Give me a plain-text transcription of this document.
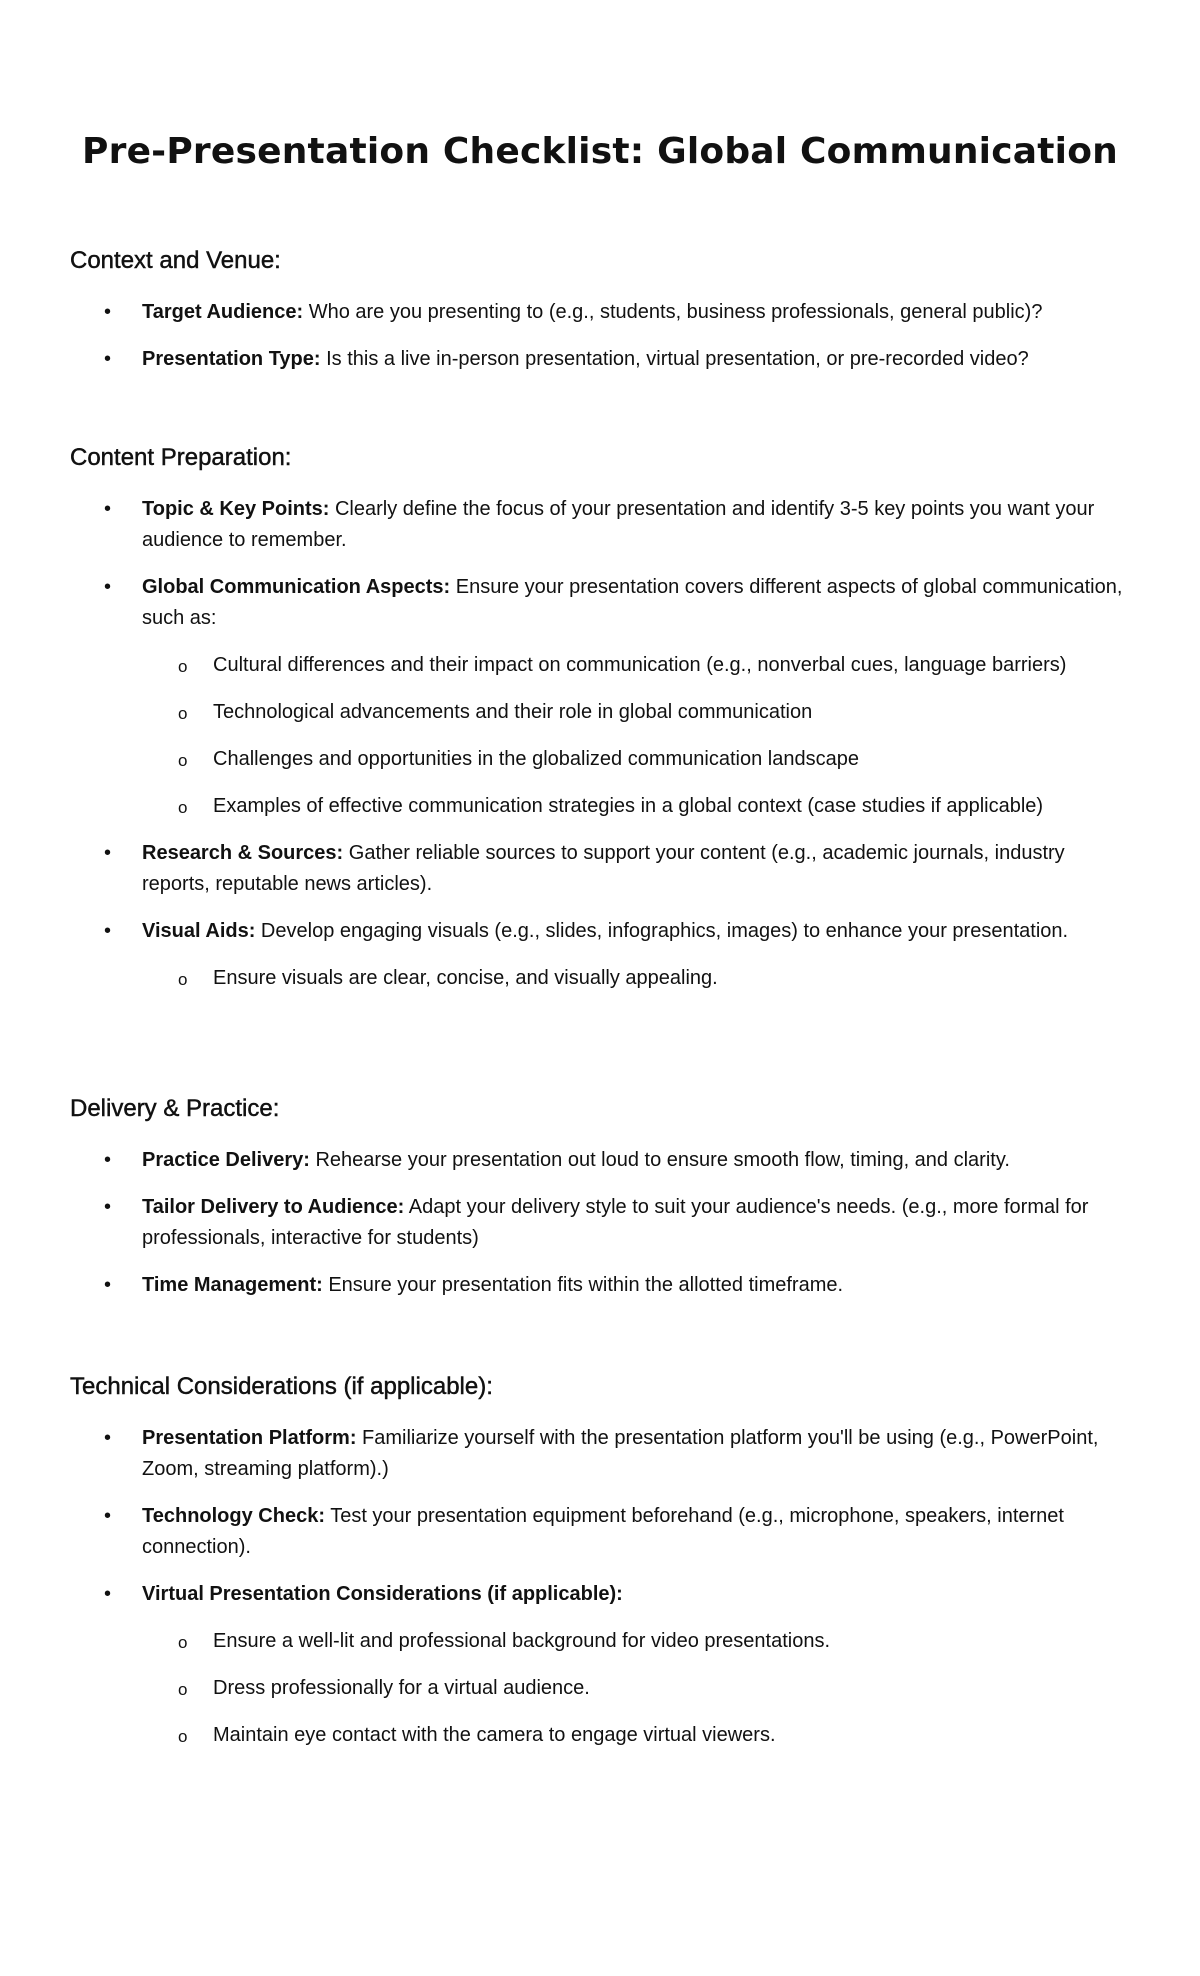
Pre-Presentation Checklist: Global Communication
Context and Venue:
• Target Audience: Who are you presenting to (e.g., students, business professionals, general public)?
• Presentation Type: Is this a live in-person presentation, virtual presentation, or pre-recorded video?
Content Preparation:
• Topic & Key Points: Clearly define the focus of your presentation and identify 3-5 key points you want your audience to remember.
• Global Communication Aspects: Ensure your presentation covers different aspects of global communication, such as:
o Cultural differences and their impact on communication (e.g., nonverbal cues, language barriers)
o Technological advancements and their role in global communication
o Challenges and opportunities in the globalized communication landscape
o Examples of effective communication strategies in a global context (case studies if applicable)
• Research & Sources: Gather reliable sources to support your content (e.g., academic journals, industry reports, reputable news articles).
• Visual Aids: Develop engaging visuals (e.g., slides, infographics, images) to enhance your presentation.
o Ensure visuals are clear, concise, and visually appealing.
Delivery & Practice:
• Practice Delivery: Rehearse your presentation out loud to ensure smooth flow, timing, and clarity.
• Tailor Delivery to Audience: Adapt your delivery style to suit your audience's needs. (e.g., more formal for professionals, interactive for students)
• Time Management: Ensure your presentation fits within the allotted timeframe.
Technical Considerations (if applicable):
• Presentation Platform: Familiarize yourself with the presentation platform you'll be using (e.g., PowerPoint, Zoom, streaming platform).)
• Technology Check: Test your presentation equipment beforehand (e.g., microphone, speakers, internet connection).
• Virtual Presentation Considerations (if applicable):
o Ensure a well-lit and professional background for video presentations.
o Dress professionally for a virtual audience.
o Maintain eye contact with the camera to engage virtual viewers.
